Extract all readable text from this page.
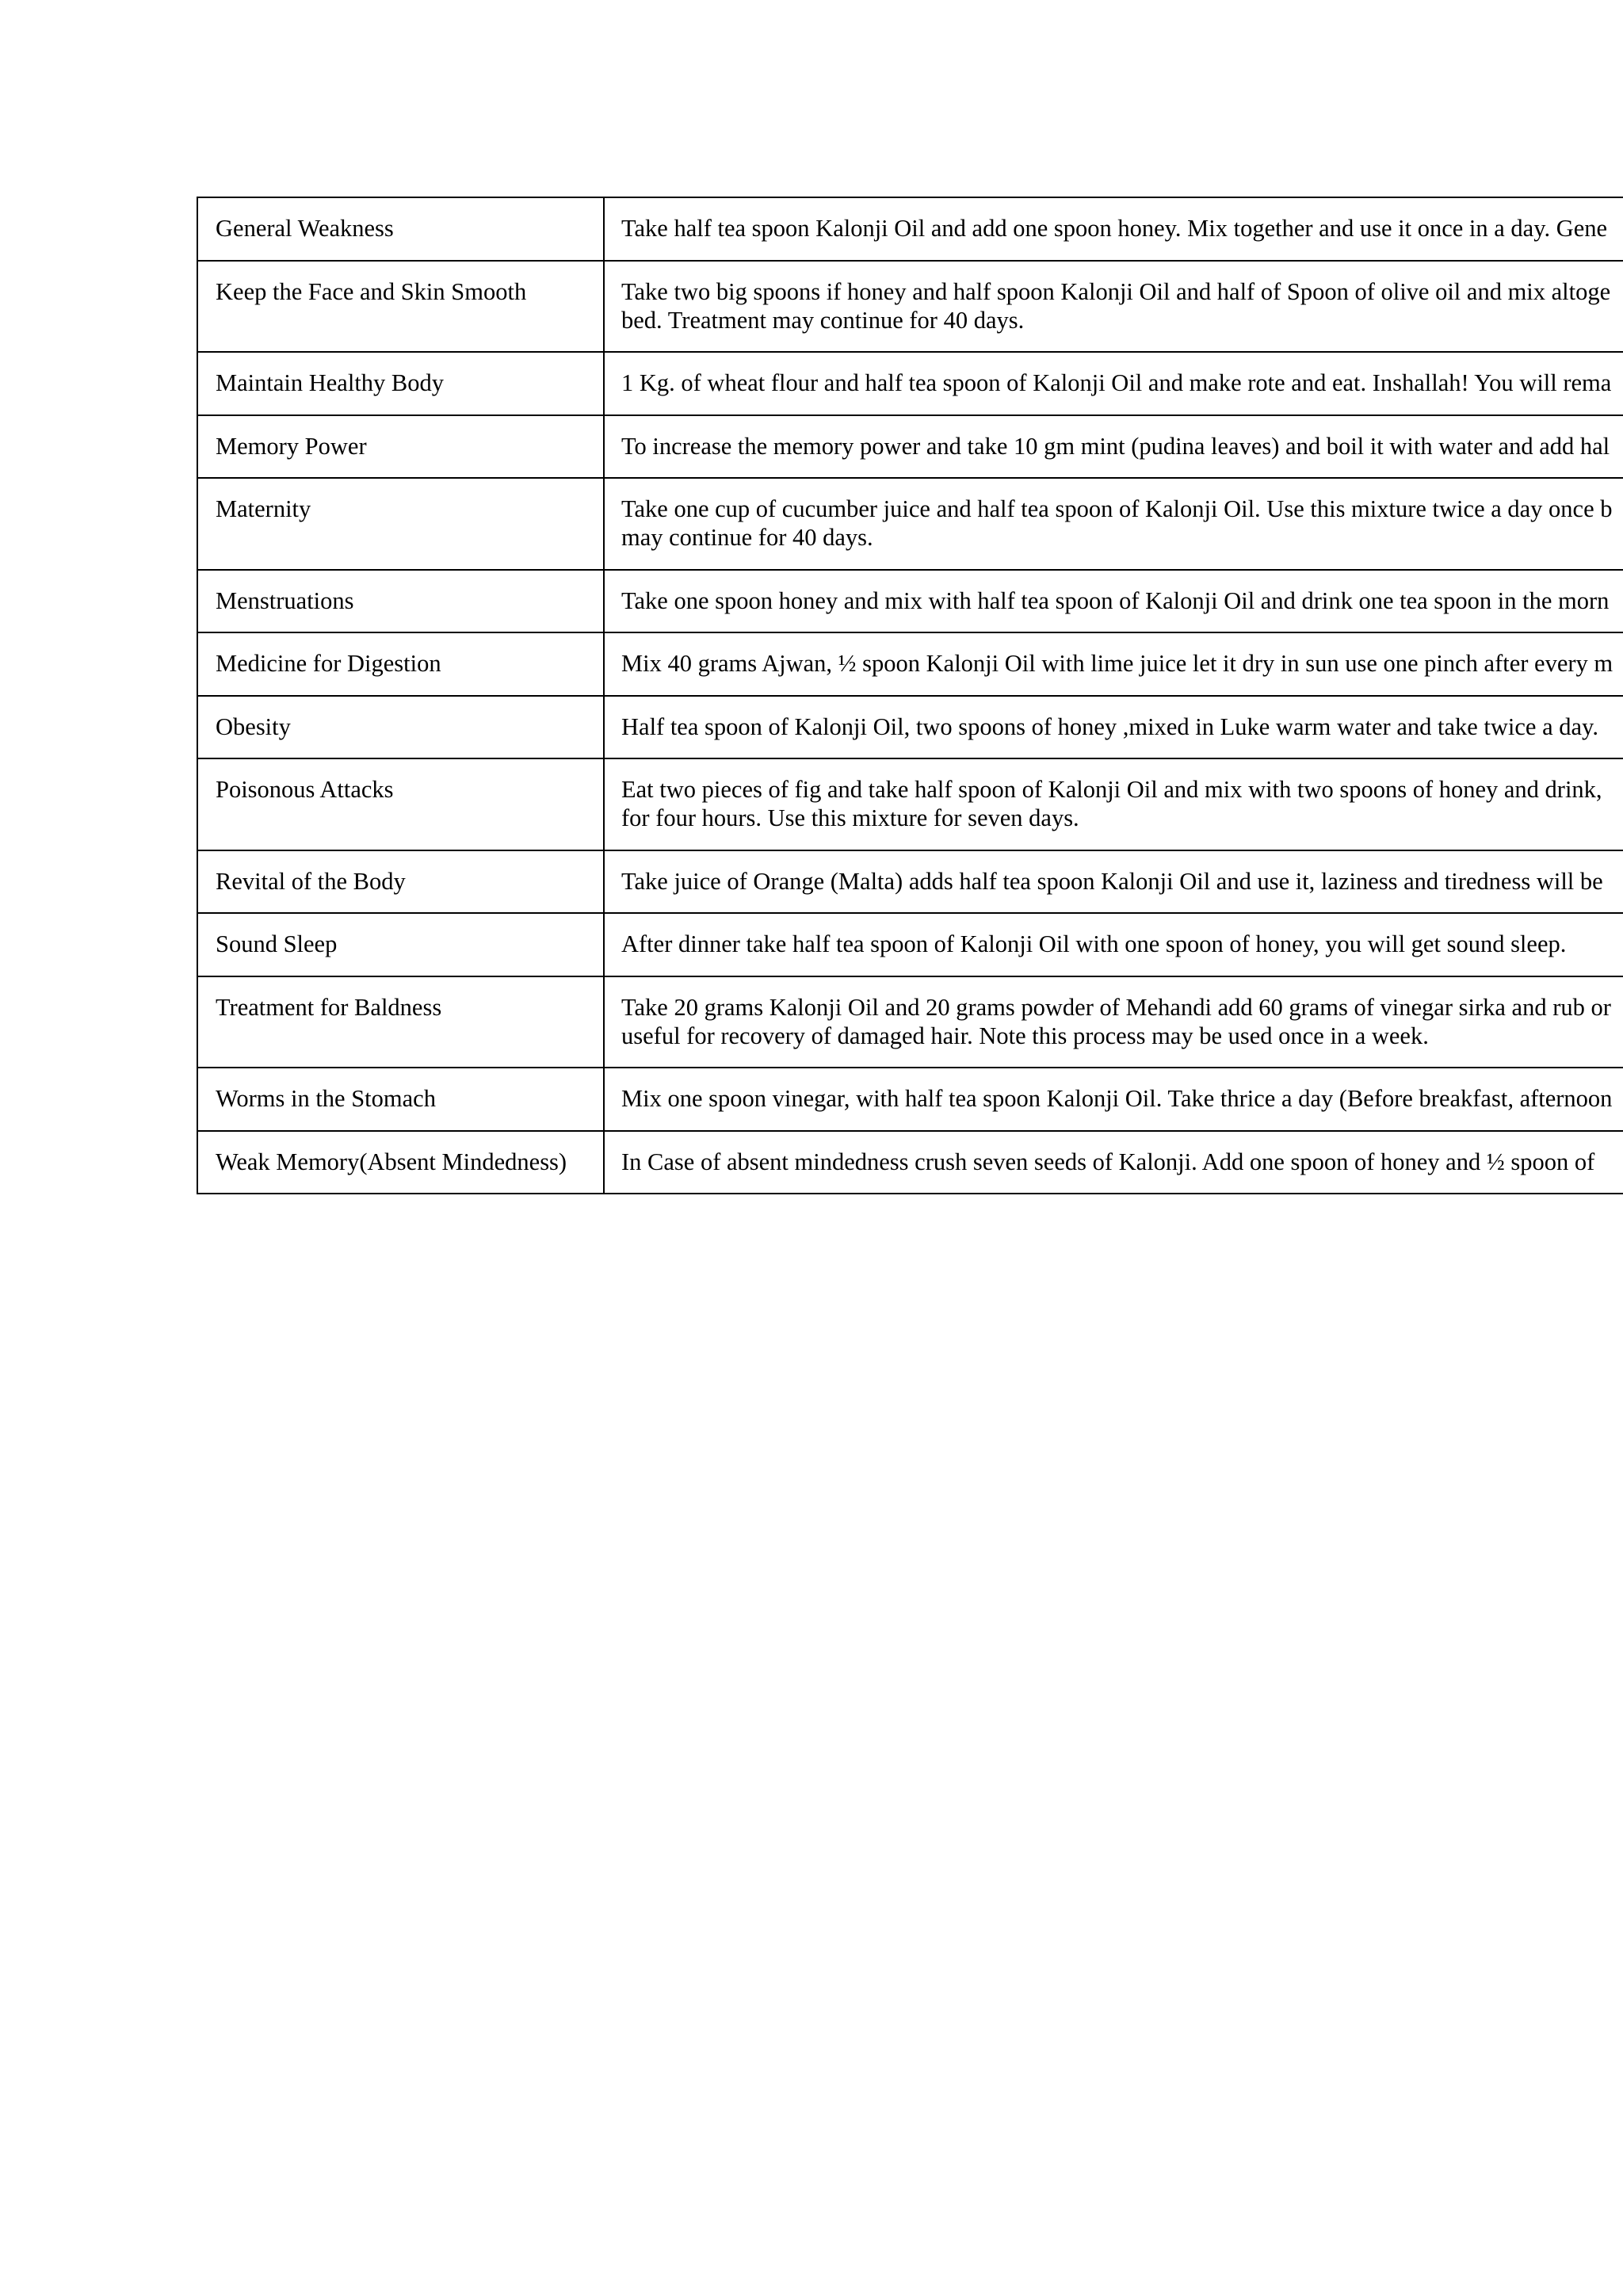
General Weakness	Take half tea spoon Kalonji Oil and add one spoon honey. Mix together and use it once in a day. Gene

Keep the Face and Skin Smooth	Take two big spoons if honey and half spoon Kalonji Oil and half of Spoon of olive oil and mix altoge
bed. Treatment may continue for 40 days.

Maintain Healthy Body	1 Kg. of wheat flour and half tea spoon of Kalonji Oil and make rote and eat. Inshallah! You will rema

Memory Power	To increase the memory power and take 10 gm mint (pudina leaves) and boil it with water and add hal

Maternity	Take one cup of cucumber juice and half tea spoon of Kalonji Oil. Use this mixture twice a day once b
may continue for 40 days.

Menstruations	Take one spoon honey and mix with half tea spoon of Kalonji Oil and drink one tea spoon in the morn

Medicine for Digestion	Mix 40 grams Ajwan, ½ spoon Kalonji Oil with lime juice let it dry in sun use one pinch after every m

Obesity	Half tea spoon of Kalonji Oil, two spoons of honey ,mixed in Luke warm water and take twice a day.

Poisonous Attacks	Eat two pieces of fig and take half spoon of Kalonji Oil and mix with two spoons of honey and drink,
for four hours. Use this mixture for seven days.

Revital of the Body	Take juice of Orange (Malta) adds half tea spoon Kalonji Oil and use it, laziness and tiredness will be

Sound Sleep	After dinner take half tea spoon of Kalonji Oil with one spoon of honey, you will get sound sleep.

Treatment for Baldness	Take 20 grams Kalonji Oil and 20 grams powder of Mehandi add 60 grams of vinegar sirka and rub or
useful for recovery of damaged hair. Note this process may be used once in a week.

Worms in the Stomach	Mix one spoon vinegar, with half tea spoon Kalonji Oil. Take thrice a day (Before breakfast, afternoon

Weak Memory(Absent Mindedness)	In Case of absent mindedness crush seven seeds of Kalonji. Add one spoon of honey and ½ spoon of
